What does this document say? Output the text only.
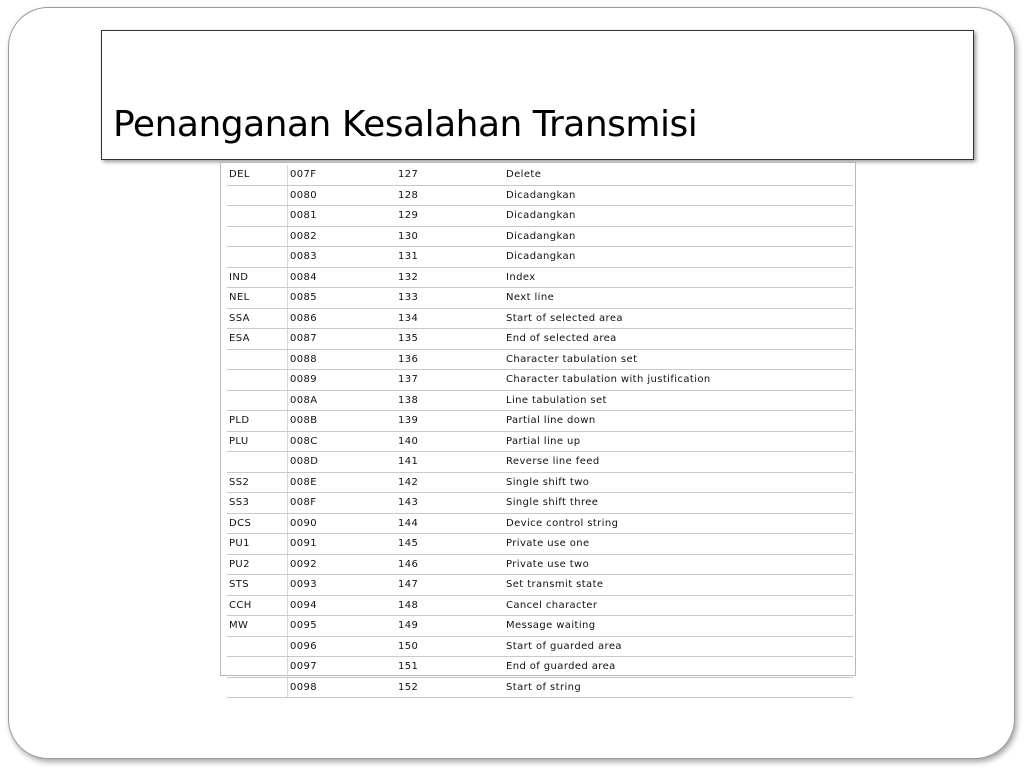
Penanganan Kesalahan Transmisi
DEL	007F	127	Delete
	0080	128	Dicadangkan
	0081	129	Dicadangkan
	0082	130	Dicadangkan
	0083	131	Dicadangkan
IND	0084	132	Index
NEL	0085	133	Next line
SSA	0086	134	Start of selected area
ESA	0087	135	End of selected area
	0088	136	Character tabulation set
	0089	137	Character tabulation with justification
	008A	138	Line tabulation set
PLD	008B	139	Partial line down
PLU	008C	140	Partial line up
	008D	141	Reverse line feed
SS2	008E	142	Single shift two
SS3	008F	143	Single shift three
DCS	0090	144	Device control string
PU1	0091	145	Private use one
PU2	0092	146	Private use two
STS	0093	147	Set transmit state
CCH	0094	148	Cancel character
MW	0095	149	Message waiting
	0096	150	Start of guarded area
	0097	151	End of guarded area
	0098	152	Start of string
